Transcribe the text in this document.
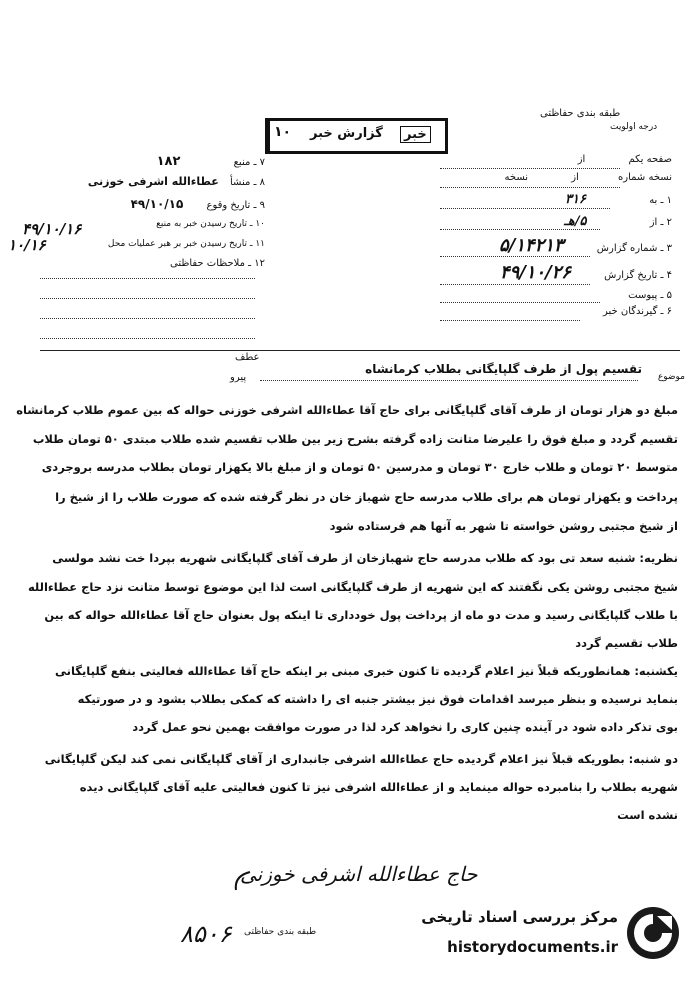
طبقه بندی حفاظتی
درجه اولویت
۱۰ گزارش خبر	خبر
صفحه یکم از
نسخه شماره از نسخه
۱ ـ به ۳۱۶
۲ ـ از ۵/هـ
۳ ـ شماره گزارش ۵/۱۴۲۱۳
۴ ـ تاریخ گزارش ۴۹/۱۰/۲۶
۵ ـ پیوست
۶ ـ گیرندگان خبر
۷ ـ منبع ۱۸۲
۸ ـ منشأ عطاءالله اشرفی خوزنی
۹ ـ تاریخ وقوع ۴۹/۱۰/۱۵
۱۰ ـ تاریخ رسیدن خبر به منبع
۴۹/۱۰/۱۶
۱۱ ـ تاریخ رسیدن خبر بر هبر عملیات محل
۱۰/۱۶
۱۲ ـ ملاحظات حفاظتی
عطف
پیرو	موضوع
تقسیم پول از طرف گلپایگانی بطلاب کرمانشاه
مبلغ دو هزار تومان از طرف آقای گلپایگانی برای حاج آقا عطاءالله اشرفی خوزنی حواله که بین عموم طلاب کرمانشاه
تقسیم گردد و مبلغ فوق را علیرضا متانت زاده گرفته بشرح زیر بین طلاب تقسیم شده طلاب مبتدی ۵۰ تومان طلاب
متوسط ۲۰ تومان و طلاب خارج ۳۰ تومان و مدرسین ۵۰ تومان و از مبلغ بالا یکهزار تومان بطلاب مدرسه بروجردی
پرداخت و یکهزار تومان هم برای طلاب مدرسه حاج شهباز خان در نظر گرفته شده که صورت طلاب را از شیخ را
از شیخ مجتبی روشن خواسته تا شهر به آنها هم فرستاده شود
نظریه: شنبه سعد تی بود که طلاب مدرسه حاج شهبازخان از طرف آقای گلپایگانی شهریه بپردا خت نشد مولسی
شیخ مجتبی روشن یکی نگفتند که این شهریه از طرف گلپایگانی است لذا این موضوع توسط متانت نزد حاج عطاءالله
با طلاب گلپایگانی رسید و مدت دو ماه از پرداخت پول خودداری تا اینکه پول بعنوان حاج آقا عطاءالله حواله که بین
طلاب تقسیم گردد
یکشنبه: همانطوریکه قبلاً نیز اعلام گردیده تا کنون خبری مبنی بر اینکه حاج آقا عطاءالله فعالیتی بنفع گلپایگانی
بنماید نرسیده و بنظر میرسد اقدامات فوق نیز بیشتر جنبه ای را داشته که کمکی بطلاب بشود و در صورتیکه
بوی تذکر داده شود در آینده چنین کاری را نخواهد کرد لذا در صورت موافقت بهمین نحو عمل گردد
دو شنبه: بطوریکه قبلاً نیز اعلام گردیده حاج عطاءالله اشرفی جانبداری از آقای گلپایگانی نمی کند لیکن گلپایگانی
شهریه بطلاب را بنامبرده حواله مینماید و از عطاءالله اشرفی نیز تا کنون فعالیتی علیه آقای گلپایگانی دیده
نشده است
حاج عطاءالله اشرفی خوزنی
۸۵۰۶ طبقه بندی حفاظتی
مرکز بررسی اسناد تاریخی
historydocuments.ir
